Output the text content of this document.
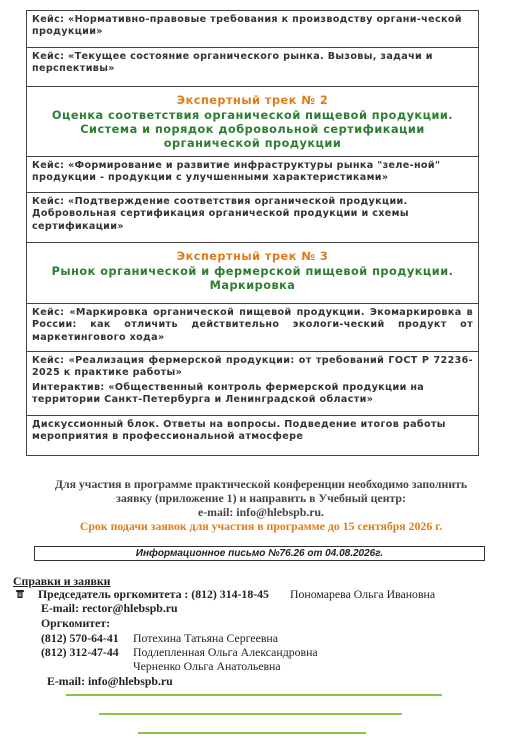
Кейс: «Нормативно-правовые требования к производству органи-ческой продукции»
Кейс: «Текущее состояние органического рынка. Вызовы, задачи и перспективы»
Экспертный трек № 2
Оценка соответствия органической пищевой продукции. Система и порядок добровольной сертификации органической продукции
Кейс: «Формирование и развитие инфраструктуры рынка "зеле-ной" продукции - продукции с улучшенными характеристиками»
Кейс: «Подтверждение соответствия органической продукции. Добровольная сертификация органической продукции и схемы сертификации»
Экспертный трек № 3
Рынок органической и фермерской пищевой продукции. Маркировка
Кейс: «Маркировка органической пищевой продукции. Экомаркировка в России: как отличить действительно экологи-ческий продукт от маркетингового хода»
Кейс: «Реализация фермерской продукции: от требований ГОСТ Р 72236-2025 к практике работы»
Интерактив: «Общественный контроль фермерской продукции на территории Санкт-Петербурга и Ленинградской области»
Дискуссионный блок. Ответы на вопросы. Подведение итогов работы мероприятия в профессиональной атмосфере
Для участия в программе практической конференции необходимо заполнить
заявку (приложение 1) и направить в Учебный центр:
e-mail: info@hlebspb.ru.
Срок подачи заявок для участия в программе до 15 сентября 2026 г.
Информационное письмо №76.26 от 04.08.2026г.
Справки и заявки
Председатель оргкомитета : (812) 314-18-45 Пономарева Ольга Ивановна
E-mail: rector@hlebspb.ru
Оргкомитет:
(812) 570-64-41 Потехина Татьяна Сергеевна
(812) 312-47-44 Подлепленная Ольга Александровна
Черненко Ольга Анатольевна
E-mail: info@hlebspb.ru
